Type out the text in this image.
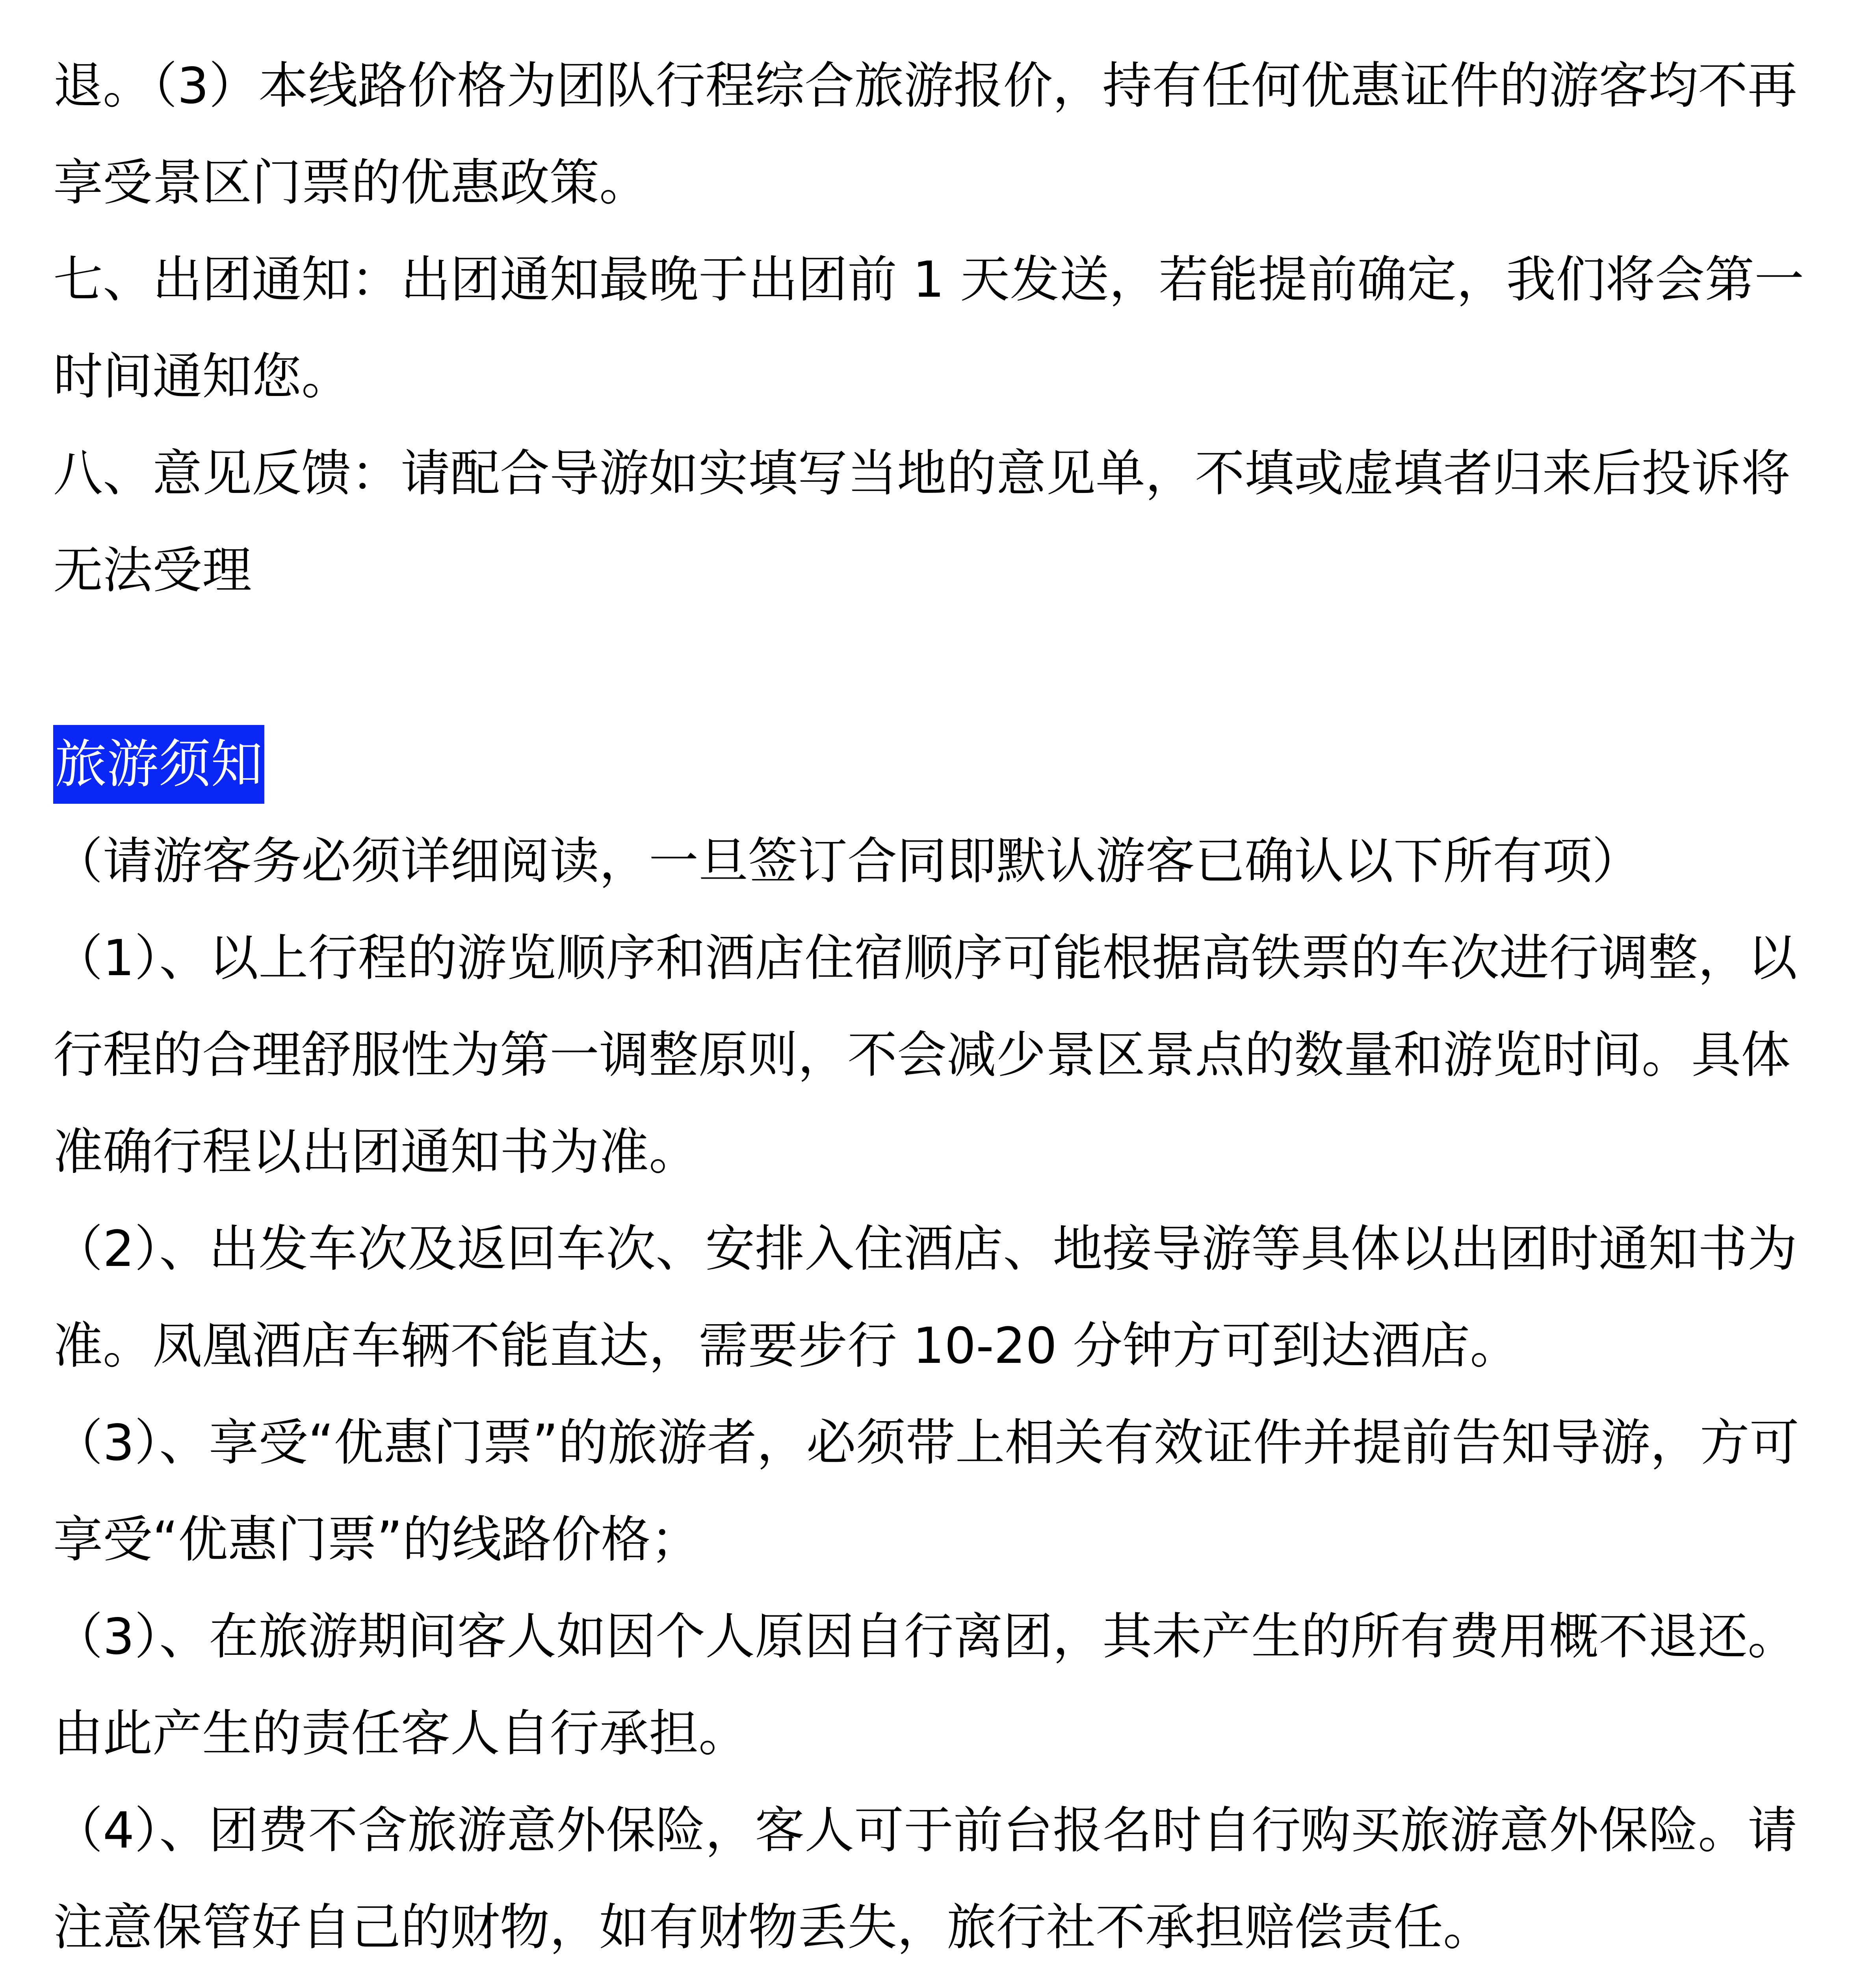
退。（3）本线路价格为团队行程综合旅游报价，持有任何优惠证件的游客均不再享受景区门票的优惠政策。

七、出团通知：出团通知最晚于出团前 1 天发送，若能提前确定，我们将会第一时间通知您。

八、意见反馈：请配合导游如实填写当地的意见单，不填或虚填者归来后投诉将无法受理

旅游须知

（请游客务必须详细阅读，一旦签订合同即默认游客已确认以下所有项）

（1）、以上行程的游览顺序和酒店住宿顺序可能根据高铁票的车次进行调整，以行程的合理舒服性为第一调整原则，不会减少景区景点的数量和游览时间。具体准确行程以出团通知书为准。

（2）、出发车次及返回车次、安排入住酒店、地接导游等具体以出团时通知书为准。凤凰酒店车辆不能直达，需要步行 10-20 分钟方可到达酒店。

（3）、享受“优惠门票”的旅游者，必须带上相关有效证件并提前告知导游，方可享受“优惠门票”的线路价格；

（3）、在旅游期间客人如因个人原因自行离团，其未产生的所有费用概不退还。由此产生的责任客人自行承担。

（4）、团费不含旅游意外保险，客人可于前台报名时自行购买旅游意外保险。请注意保管好自己的财物，如有财物丢失，旅行社不承担赔偿责任。
